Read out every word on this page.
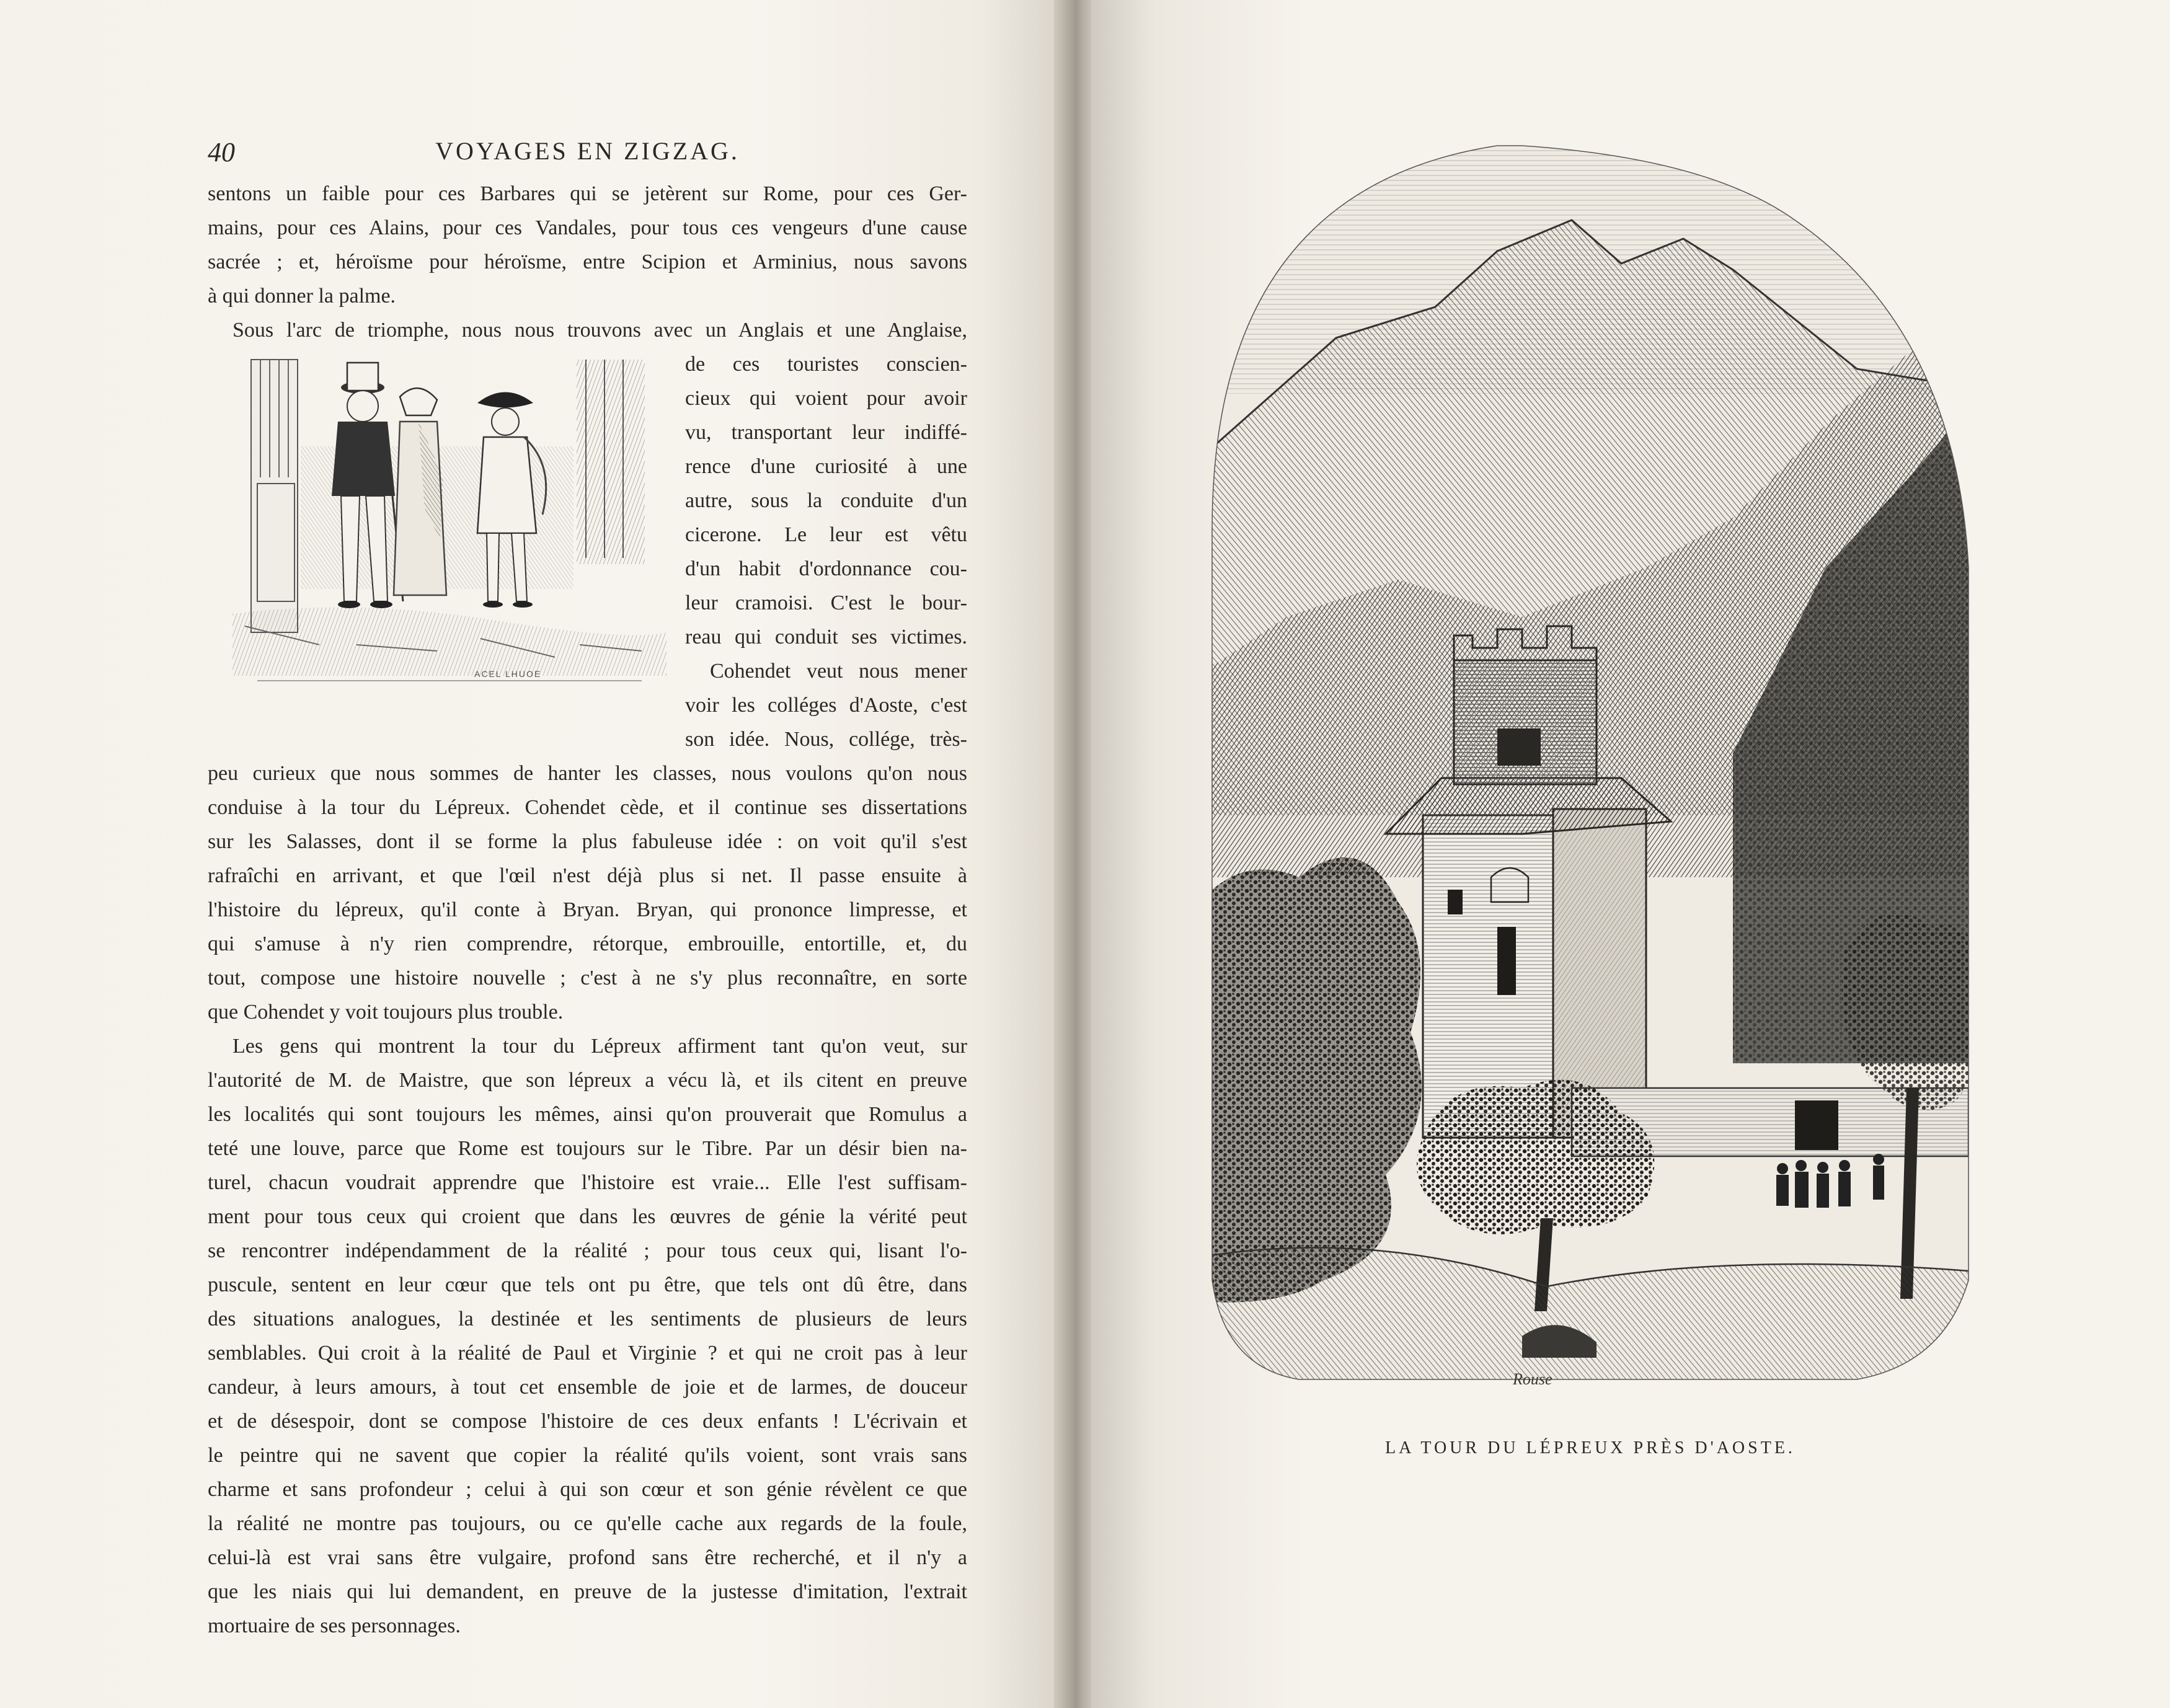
40	VOYAGES EN ZIGZAG.
sentons un faible pour ces Barbares qui se jetèrent sur Rome, pour ces Ger-
mains, pour ces Alains, pour ces Vandales, pour tous ces vengeurs d'une cause
sacrée ; et, héroïsme pour héroïsme, entre Scipion et Arminius, nous savons
à qui donner la palme.
Sous l'arc de triomphe, nous nous trouvons avec un Anglais et une Anglaise,
de ces touristes conscien-
cieux qui voient pour avoir
vu, transportant leur indiffé-
rence d'une curiosité à une
autre, sous la conduite d'un
cicerone. Le leur est vêtu
d'un habit d'ordonnance cou-
leur cramoisi. C'est le bour-
reau qui conduit ses victimes.
Cohendet veut nous mener
voir les colléges d'Aoste, c'est
son idée. Nous, collége, très-
peu curieux que nous sommes de hanter les classes, nous voulons qu'on nous
conduise à la tour du Lépreux. Cohendet cède, et il continue ses dissertations
sur les Salasses, dont il se forme la plus fabuleuse idée : on voit qu'il s'est
rafraîchi en arrivant, et que l'œil n'est déjà plus si net. Il passe ensuite à
l'histoire du lépreux, qu'il conte à Bryan. Bryan, qui prononce limpresse, et
qui s'amuse à n'y rien comprendre, rétorque, embrouille, entortille, et, du
tout, compose une histoire nouvelle ; c'est à ne s'y plus reconnaître, en sorte
que Cohendet y voit toujours plus trouble.
Les gens qui montrent la tour du Lépreux affirment tant qu'on veut, sur
l'autorité de M. de Maistre, que son lépreux a vécu là, et ils citent en preuve
les localités qui sont toujours les mêmes, ainsi qu'on prouverait que Romulus a
teté une louve, parce que Rome est toujours sur le Tibre. Par un désir bien na-
turel, chacun voudrait apprendre que l'histoire est vraie... Elle l'est suffisam-
ment pour tous ceux qui croient que dans les œuvres de génie la vérité peut
se rencontrer indépendamment de la réalité ; pour tous ceux qui, lisant l'o-
puscule, sentent en leur cœur que tels ont pu être, que tels ont dû être, dans
des situations analogues, la destinée et les sentiments de plusieurs de leurs
semblables. Qui croit à la réalité de Paul et Virginie ? et qui ne croit pas à leur
candeur, à leurs amours, à tout cet ensemble de joie et de larmes, de douceur
et de désespoir, dont se compose l'histoire de ces deux enfants ! L'écrivain et
le peintre qui ne savent que copier la réalité qu'ils voient, sont vrais sans
charme et sans profondeur ; celui à qui son cœur et son génie révèlent ce que
la réalité ne montre pas toujours, ou ce qu'elle cache aux regards de la foule,
celui-là est vrai sans être vulgaire, profond sans être recherché, et il n'y a
que les niais qui lui demandent, en preuve de la justesse d'imitation, l'extrait
mortuaire de ses personnages.
ACEL LHUOE
Rouse
LA TOUR DU LÉPREUX PRÈS D'AOSTE.
